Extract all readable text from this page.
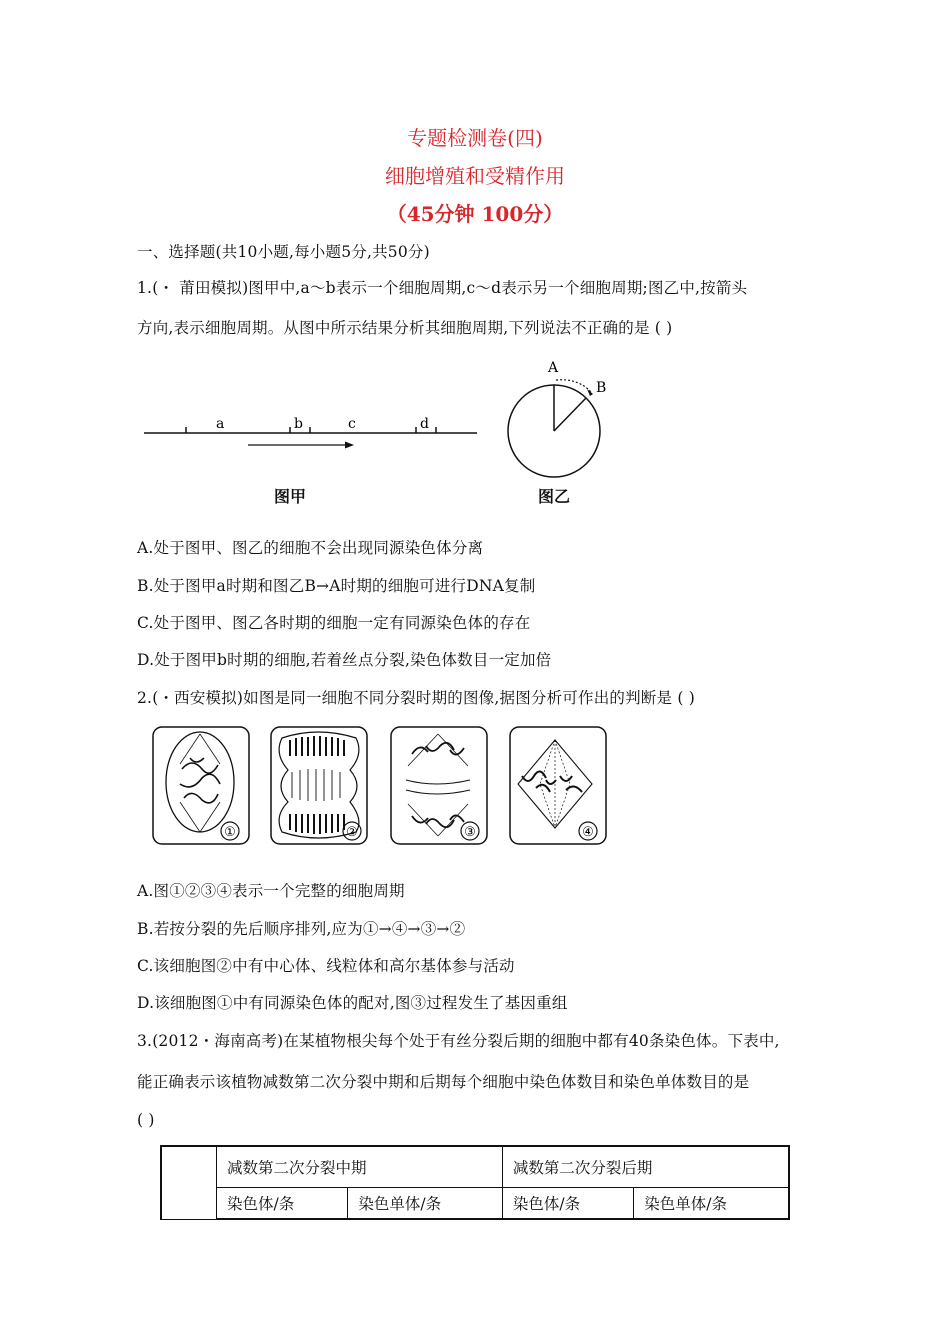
专题检测卷(四)
细胞增殖和受精作用
（45分钟 100分）
一、选择题(共10小题,每小题5分,共50分)
1.(・ 莆田模拟)图甲中,a～b表示一个细胞周期,c～d表示另一个细胞周期;图乙中,按箭头
方向,表示细胞周期。从图中所示结果分析其细胞周期,下列说法不正确的是 ( )
a	b	c	d
图甲
A
B
图乙
A.处于图甲、图乙的细胞不会出现同源染色体分离
B.处于图甲a时期和图乙B→A时期的细胞可进行DNA复制
C.处于图甲、图乙各时期的细胞一定有同源染色体的存在
D.处于图甲b时期的细胞,若着丝点分裂,染色体数目一定加倍
2.(・西安模拟)如图是同一细胞不同分裂时期的图像,据图分析可作出的判断是 ( )
①	②	③	④
A.图①②③④表示一个完整的细胞周期
B.若按分裂的先后顺序排列,应为①→④→③→②
C.该细胞图②中有中心体、线粒体和高尔基体参与活动
D.该细胞图①中有同源染色体的配对,图③过程发生了基因重组
3.(2012・海南高考)在某植物根尖每个处于有丝分裂后期的细胞中都有40条染色体。下表中,
能正确表示该植物减数第二次分裂中期和后期每个细胞中染色体数目和染色单体数目的是
( )
	减数第二次分裂中期		减数第二次分裂后期	
	染色体/条	染色单体/条	染色体/条	染色单体/条
